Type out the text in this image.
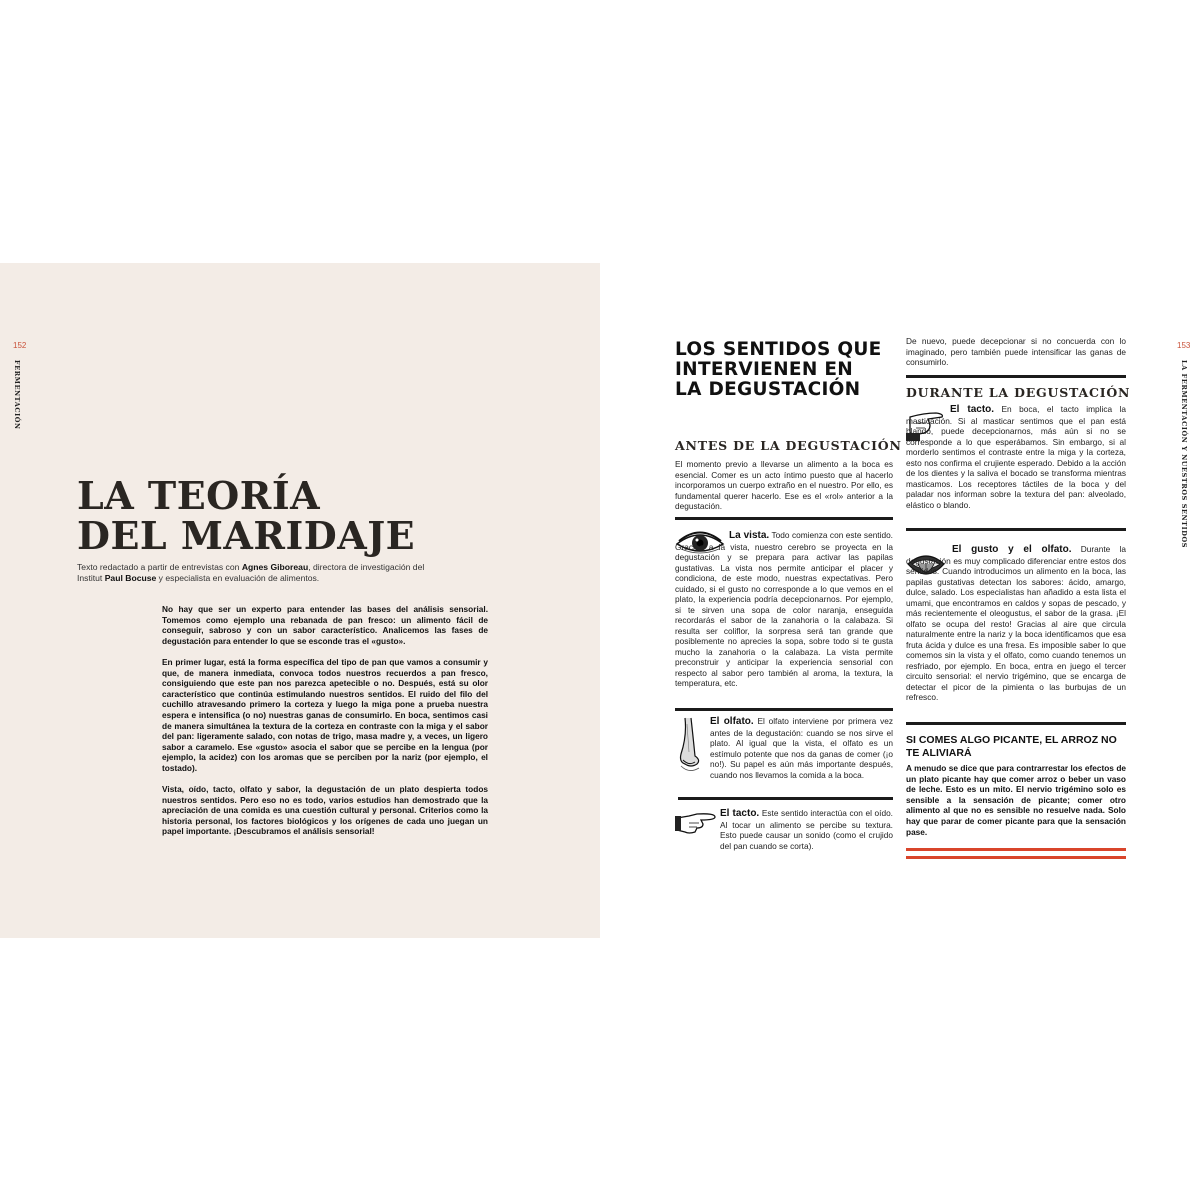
152
FERMENTACIÓN
LA TEORÍA
DEL MARIDAJE
Texto redactado a partir de entrevistas con Agnes Giboreau, directora de investigación del Institut Paul Bocuse y especialista en evaluación de alimentos.

No hay que ser un experto para entender las bases del análisis sensorial. Tomemos como ejemplo una rebanada de pan fresco: un alimento fácil de conseguir, sabroso y con un sabor característico. Analicemos las fases de degustación para entender lo que se esconde tras el «gusto».

En primer lugar, está la forma específica del tipo de pan que vamos a consumir y que, de manera inmediata, convoca todos nuestros recuerdos a pan fresco, consiguiendo que este pan nos parezca apetecible o no. Después, está su olor característico que continúa estimulando nuestros sentidos. El ruido del filo del cuchillo atravesando primero la corteza y luego la miga pone a prueba nuestra espera e intensifica (o no) nuestras ganas de consumirlo. En boca, sentimos casi de manera simultánea la textura de la corteza en contraste con la miga y el sabor del pan: ligeramente salado, con notas de trigo, masa madre y, a veces, un ligero sabor a caramelo. Ese «gusto» asocia el sabor que se percibe en la lengua (por ejemplo, la acidez) con los aromas que se perciben por la nariz (por ejemplo, el tostado).

Vista, oído, tacto, olfato y sabor, la degustación de un plato despierta todos nuestros sentidos. Pero eso no es todo, varios estudios han demostrado que la apreciación de una comida es una cuestión cultural y personal. Criterios como la historia personal, los factores biológicos y los orígenes de cada uno juegan un papel importante. ¡Descubramos el análisis sensorial!

153
LA FERMENTACIÓN Y NUESTROS SENTIDOS
LOS SENTIDOS QUE
INTERVIENEN EN
LA DEGUSTACIÓN
ANTES DE LA DEGUSTACIÓN

El momento previo a llevarse un alimento a la boca es esencial. Comer es un acto íntimo puesto que al hacerlo incorporamos un cuerpo extraño en el nuestro. Por ello, es fundamental querer hacerlo. Ese es el «rol» anterior a la degustación.

La vista. Todo comienza con este sentido. Gracias a la vista, nuestro cerebro se proyecta en la degustación y se prepara para activar las papilas gustativas. La vista nos permite anticipar el placer y condiciona, de este modo, nuestras expectativas. Pero cuidado, si el gusto no corresponde a lo que vemos en el plato, la experiencia podría decepcionarnos. Por ejemplo, si te sirven una sopa de color naranja, enseguida recordarás el sabor de la zanahoria o la calabaza. Si resulta ser coliflor, la sorpresa será tan grande que posiblemente no aprecies la sopa, sobre todo si te gusta mucho la zanahoria o la calabaza. La vista permite preconstruir y anticipar la experiencia sensorial con respecto al sabor pero también al aroma, la textura, la temperatura, etc.

El olfato. El olfato interviene por primera vez antes de la degustación: cuando se nos sirve el plato. Al igual que la vista, el olfato es un estímulo potente que nos da ganas de comer (¡o no!). Su papel es aún más importante después, cuando nos llevamos la comida a la boca.

El tacto. Este sentido interactúa con el oído. Al tocar un alimento se percibe su textura. Esto puede causar un sonido (como el crujido del pan cuando se corta).

De nuevo, puede decepcionar si no concuerda con lo imaginado, pero también puede intensificar las ganas de consumirlo.

DURANTE LA DEGUSTACIÓN

El tacto. En boca, el tacto implica la masticación. Si al masticar sentimos que el pan está blando, puede decepcionarnos, más aún si no se corresponde a lo que esperábamos. Sin embargo, si al morderlo sentimos el contraste entre la miga y la corteza, esto nos confirma el crujiente esperado. Debido a la acción de los dientes y la saliva el bocado se transforma mientras masticamos. Los receptores táctiles de la boca y del paladar nos informan sobre la textura del pan: alveolado, elástico o blando.

El gusto y el olfato. Durante la degustación es muy complicado diferenciar entre estos dos sentidos. Cuando introducimos un alimento en la boca, las papilas gustativas detectan los sabores: ácido, amargo, dulce, salado. Los especialistas han añadido a esta lista el umami, que encontramos en caldos y sopas de pescado, y más recientemente el oleogustus, el sabor de la grasa. ¡El olfato se ocupa del resto! Gracias al aire que circula naturalmente entre la nariz y la boca identificamos que esa fruta ácida y dulce es una fresa. Es imposible saber lo que comemos sin la vista y el olfato, como cuando tenemos un resfriado, por ejemplo. En boca, entra en juego el tercer circuito sensorial: el nervio trigémino, que se encarga de detectar el picor de la pimienta o las burbujas de un refresco.

SI COMES ALGO PICANTE, EL ARROZ NO TE ALIVIARÁ
A menudo se dice que para contrarrestar los efectos de un plato picante hay que comer arroz o beber un vaso de leche. Esto es un mito. El nervio trigémino solo es sensible a la sensación de picante; comer otro alimento al que no es sensible no resuelve nada. Solo hay que parar de comer picante para que la sensación pase.
